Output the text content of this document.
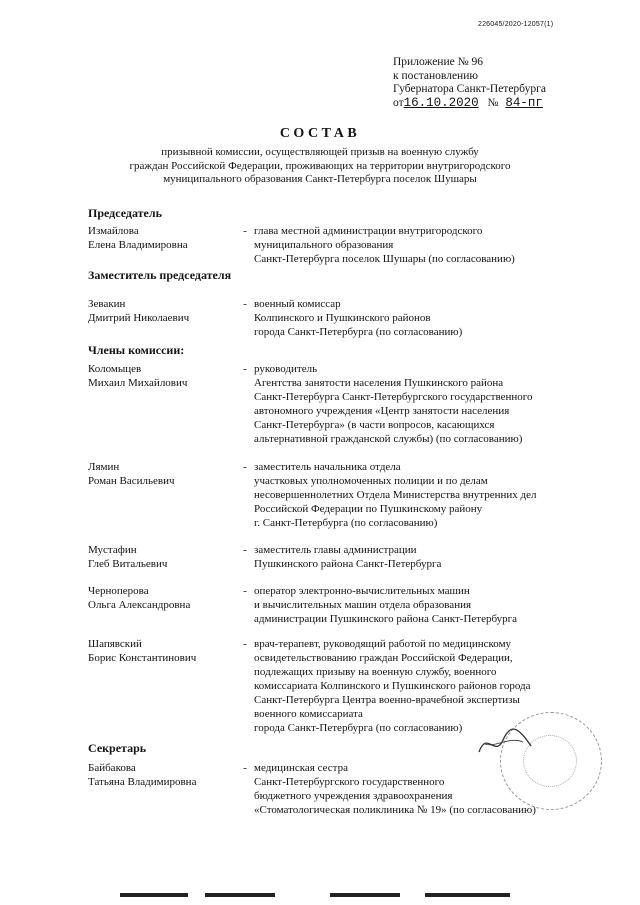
226045/2020-12057(1)
Приложение № 96
к постановлению
Губернатора Санкт-Петербурга
от16.10.2020 № 84-пг
СОСТАВ
призывной комиссии, осуществляющей призыв на военную службу
граждан Российской Федерации, проживающих на территории внутригородского
муниципального образования Санкт-Петербурга поселок Шушары
Председатель
Измайлова
Елена Владимировна
- глава местной администрации внутригородского
муниципального образования
Санкт-Петербурга поселок Шушары (по согласованию)
Заместитель председателя
Зевакин
Дмитрий Николаевич
- военный комиссар
Колпинского и Пушкинского районов
города Санкт-Петербурга (по согласованию)
Члены комиссии:
Коломыцев
Михаил Михайлович
- руководитель
Агентства занятости населения Пушкинского района
Санкт-Петербурга Санкт-Петербургского государственного
автономного учреждения «Центр занятости населения
Санкт-Петербурга» (в части вопросов, касающихся
альтернативной гражданской службы) (по согласованию)
Лямин
Роман Васильевич
- заместитель начальника отдела
участковых уполномоченных полиции и по делам
несовершеннолетних Отдела Министерства внутренних дел
Российской Федерации по Пушкинскому району
г. Санкт-Петербурга (по согласованию)
Мустафин
Глеб Витальевич
- заместитель главы администрации
Пушкинского района Санкт-Петербурга
Черноперова
Ольга Александровна
- оператор электронно-вычислительных машин
и вычислительных машин отдела образования
администрации Пушкинского района Санкт-Петербурга
Шапявский
Борис Константинович
- врач-терапевт, руководящий работой по медицинскому
освидетельствованию граждан Российской Федерации,
подлежащих призыву на военную службу, военного
комиссариата Колпинского и Пушкинского районов города
Санкт-Петербурга Центра военно-врачебной экспертизы
военного комиссариата
города Санкт-Петербурга (по согласованию)
Секретарь
Байбакова
Татьяна Владимировна
- медицинская сестра
Санкт-Петербургского государственного
бюджетного учреждения здравоохранения
«Стоматологическая поликлиника № 19» (по согласованию)
